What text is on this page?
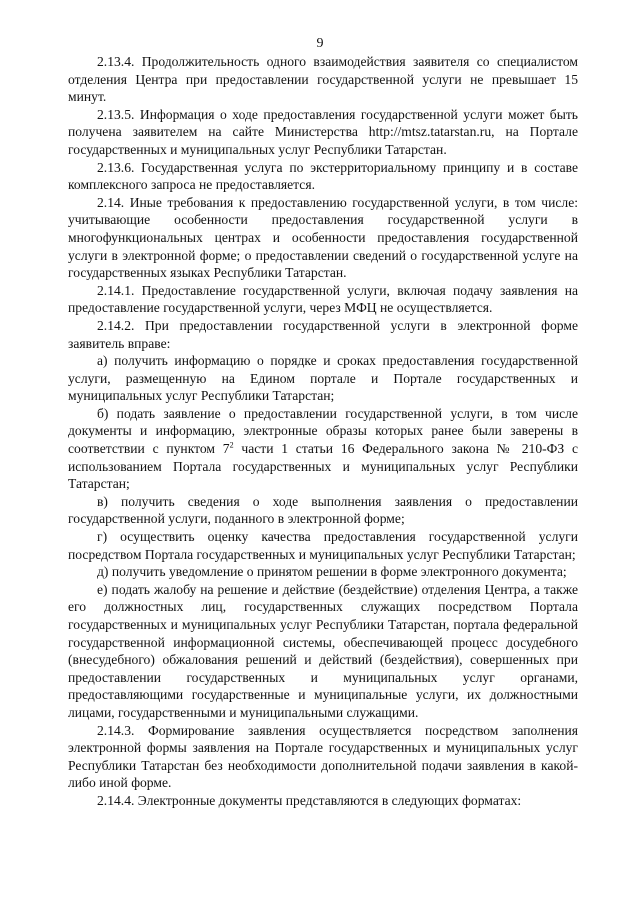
9

2.13.4. Продолжительность одного взаимодействия заявителя со специалистом отделения Центра при предоставлении государственной услуги не превышает 15 минут.

2.13.5. Информация о ходе предоставления государственной услуги может быть получена заявителем на сайте Министерства http://mtsz.tatarstan.ru, на Портале государственных и муниципальных услуг Республики Татарстан.

2.13.6. Государственная услуга по экстерриториальному принципу и в составе комплексного запроса не предоставляется.

2.14. Иные требования к предоставлению государственной услуги, в том числе: учитывающие особенности предоставления государственной услуги в многофункциональных центрах и особенности предоставления государственной услуги в электронной форме; о предоставлении сведений о государственной услуге на государственных языках Республики Татарстан.

2.14.1. Предоставление государственной услуги, включая подачу заявления на предоставление государственной услуги, через МФЦ не осуществляется.

2.14.2. При предоставлении государственной услуги в электронной форме заявитель вправе:

а) получить информацию о порядке и сроках предоставления государственной услуги, размещенную на Едином портале и Портале государственных и муниципальных услуг Республики Татарстан;

б) подать заявление о предоставлении государственной услуги, в том числе документы и информацию, электронные образы которых ранее были заверены в соответствии с пунктом $7^2$ части 1 статьи 16 Федерального закона № 210-ФЗ с использованием Портала государственных и муниципальных услуг Республики Татарстан;

в) получить сведения о ходе выполнения заявления о предоставлении государственной услуги, поданного в электронной форме;

г) осуществить оценку качества предоставления государственной услуги посредством Портала государственных и муниципальных услуг Республики Татарстан;

д) получить уведомление о принятом решении в форме электронного документа;

е) подать жалобу на решение и действие (бездействие) отделения Центра, а также его должностных лиц, государственных служащих посредством Портала государственных и муниципальных услуг Республики Татарстан, портала федеральной государственной информационной системы, обеспечивающей процесс досудебного (внесудебного) обжалования решений и действий (бездействия), совершенных при предоставлении государственных и муниципальных услуг органами, предоставляющими государственные и муниципальные услуги, их должностными лицами, государственными и муниципальными служащими.

2.14.3. Формирование заявления осуществляется посредством заполнения электронной формы заявления на Портале государственных и муниципальных услуг Республики Татарстан без необходимости дополнительной подачи заявления в какой-либо иной форме.

2.14.4. Электронные документы представляются в следующих форматах:
